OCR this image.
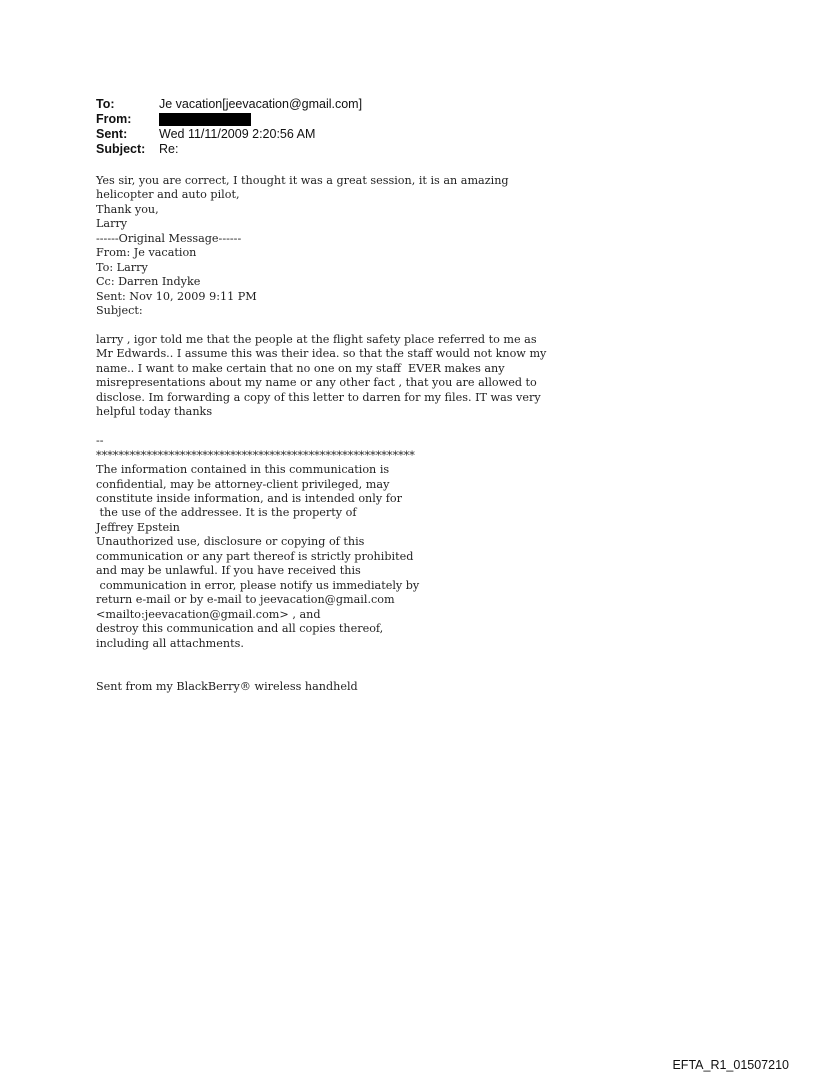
To:	Je vacation[jeevacation@gmail.com]
From:
Sent:	Wed 11/11/2009 2:20:56 AM
Subject:	Re:
Yes sir, you are correct, I thought it was a great session, it is an amazing
helicopter and auto pilot,
Thank you,
Larry
------Original Message------
From: Je vacation
To: Larry
Cc: Darren Indyke
Sent: Nov 10, 2009 9:11 PM
Subject:

larry , igor told me that the people at the flight safety place referred to me as
Mr Edwards.. I assume this was their idea. so that the staff would not know my
name.. I want to make certain that no one on my staff  EVER makes any
misrepresentations about my name or any other fact , that you are allowed to
disclose. Im forwarding a copy of this letter to darren for my files. IT was very
helpful today thanks

--
*********************************************************
The information contained in this communication is
confidential, may be attorney-client privileged, may
constitute inside information, and is intended only for
the use of the addressee. It is the property of
Jeffrey Epstein
Unauthorized use, disclosure or copying of this
communication or any part thereof is strictly prohibited
and may be unlawful. If you have received this
communication in error, please notify us immediately by
return e-mail or by e-mail to jeevacation@gmail.com
<mailto:jeevacation@gmail.com> , and
destroy this communication and all copies thereof,
including all attachments.

Sent from my BlackBerry® wireless handheld
EFTA_R1_01507210
